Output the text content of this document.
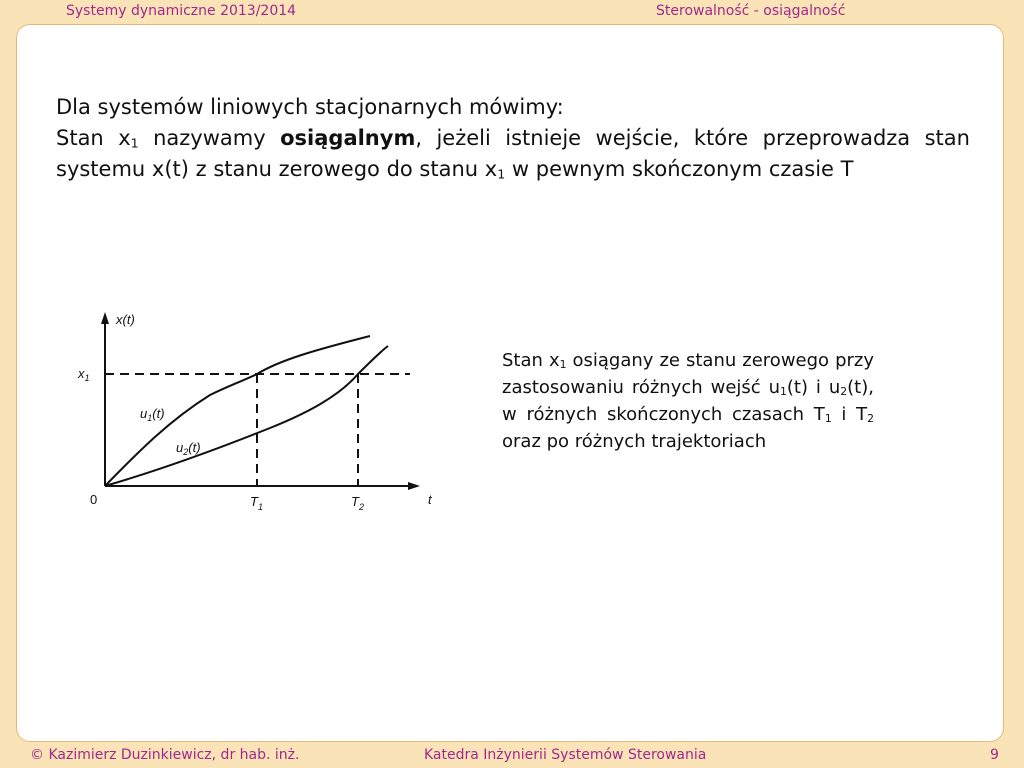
Systemy dynamiczne 2013/2014	Sterowalność - osiągalność

Dla systemów liniowych stacjonarnych mówimy:

Stan $x_1$ nazywamy osiągalnym, jeżeli istnieje wejście, które przeprowadza stan systemu x(t) z stanu zerowego do stanu $x_1$ w pewnym skończonym czasie T

x(t)
t
0
$x_1$
$u_1(t)$
$u_2(t)$
$T_1$	$T_2$
Stan $x_1$ osiągany ze stanu zerowego przy zastosowaniu różnych wejść $u_1(t)$ i $u_2(t)$, w różnych skończonych czasach $T_1$ i $T_2$ oraz po różnych trajektoriach
© Kazimierz Duzinkiewicz, dr hab. inż.	Katedra Inżynierii Systemów Sterowania	9
